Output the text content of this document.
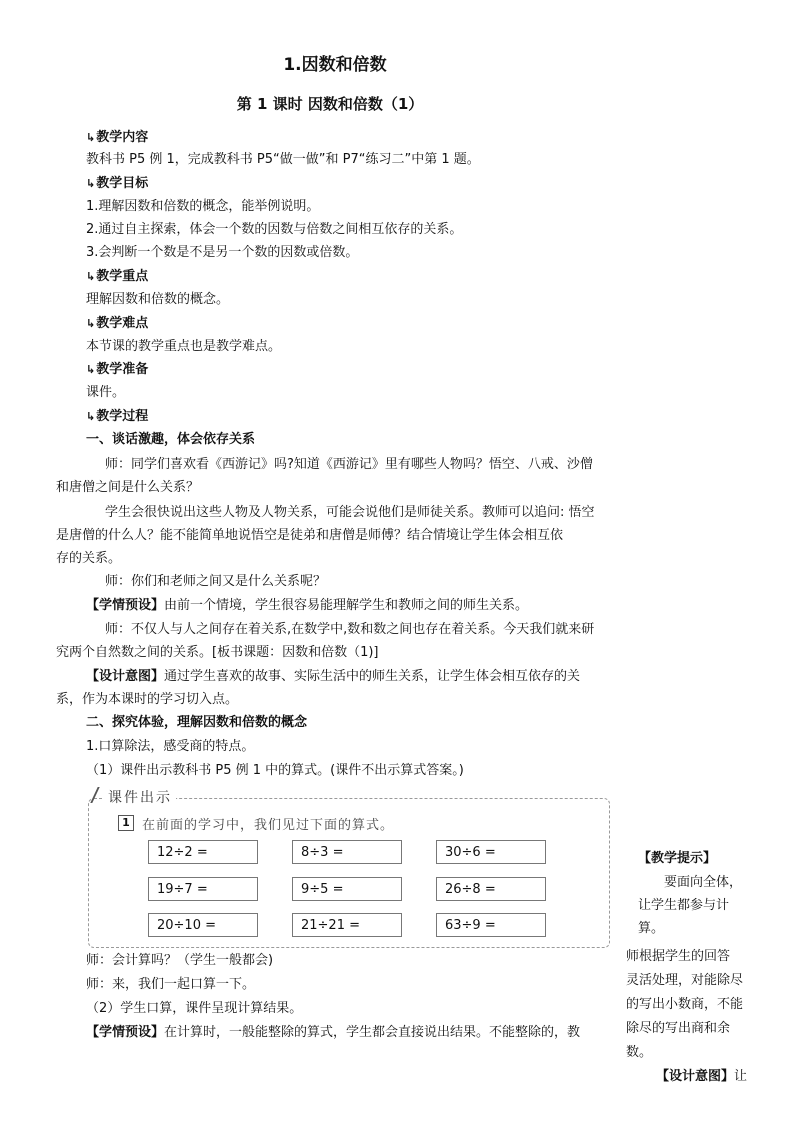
1.因数和倍数
第 1 课时 因数和倍数（1）
↳ 教学内容
教科书 P5 例 1，完成教科书 P5“做一做”和 P7“练习二”中第 1 题。
↳ 教学目标
1.理解因数和倍数的概念，能举例说明。
2.通过自主探索，体会一个数的因数与倍数之间相互依存的关系。
3.会判断一个数是不是另一个数的因数或倍数。
↳ 教学重点
理解因数和倍数的概念。
↳ 教学难点
本节课的教学重点也是教学难点。
↳ 教学准备
课件。
↳ 教学过程
一、谈话激趣，体会依存关系
师：同学们喜欢看《西游记》吗?知道《西游记》里有哪些人物吗？悟空、八戒、沙僧
和唐僧之间是什么关系？
学生会很快说出这些人物及人物关系，可能会说他们是师徒关系。教师可以追问: 悟空
是唐僧的什么人？能不能简单地说悟空是徒弟和唐僧是师傅？结合情境让学生体会相互依
存的关系。
师：你们和老师之间又是什么关系呢？
【学情预设】由前一个情境，学生很容易能理解学生和教师之间的师生关系。
师：不仅人与人之间存在着关系,在数学中,数和数之间也存在着关系。今天我们就来研
究两个自然数之间的关系。[板书课题：因数和倍数（1)]
【设计意图】通过学生喜欢的故事、实际生活中的师生关系，让学生体会相互依存的关
系，作为本课时的学习切入点。
二、探究体验，理解因数和倍数的概念
1.口算除法，感受商的特点。
（1）课件出示教科书 P5 例 1 中的算式。(课件不出示算式答案。)
课件出示
1 在前面的学习中，我们见过下面的算式。
12÷2 =	8÷3 =	30÷6 =
19÷7 =	9÷5 =	26÷8 =
20÷10 =	21÷21 =	63÷9 =
师：会计算吗？（学生一般都会)
师：来，我们一起口算一下。
（2）学生口算，课件呈现计算结果。
【学情预设】在计算时，一般能整除的算式，学生都会直接说出结果。不能整除的，教
【教学提示】
要面向全体，
让学生都参与计
算。
师根据学生的回答
灵活处理，对能除尽
的写出小数商，不能
除尽的写出商和余
数。
【设计意图】让
